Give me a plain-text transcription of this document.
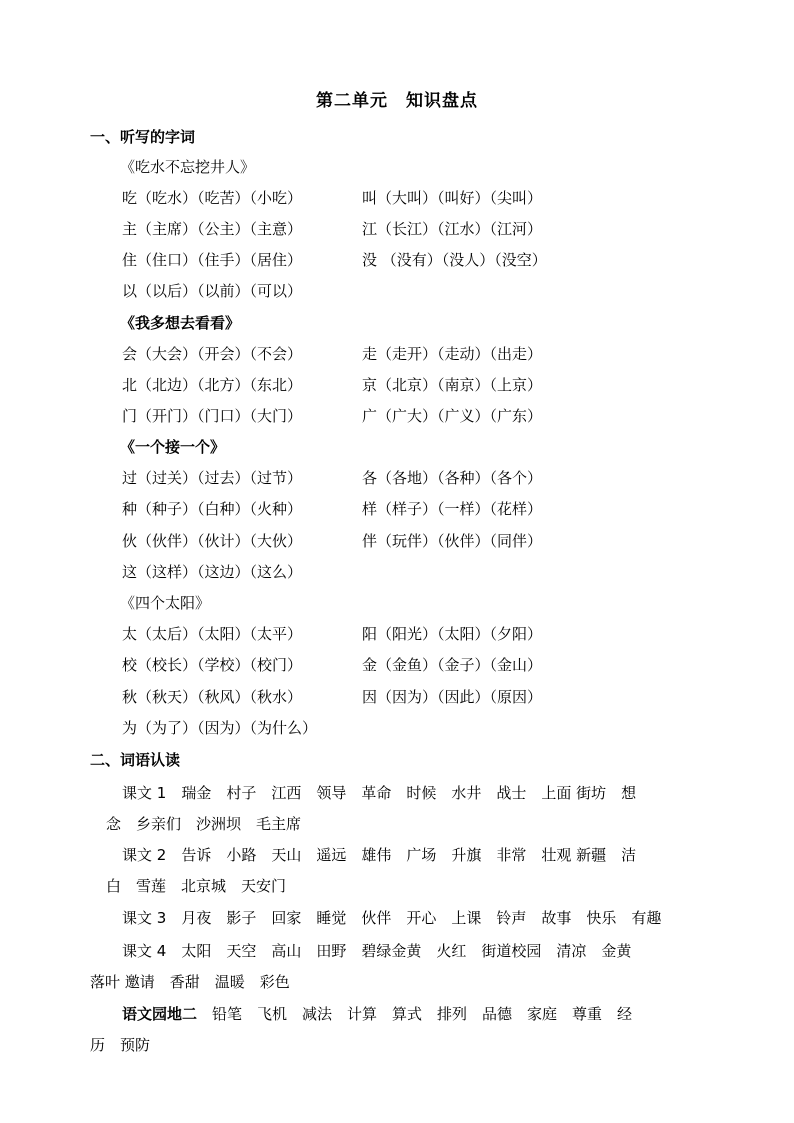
第二单元　知识盘点
一、听写的字词
《吃水不忘挖井人》
吃（吃水）（吃苦）（小吃）	叫（大叫）（叫好）（尖叫）
主（主席）（公主）（主意）	江（长江）（江水）（江河）
住（住口）（住手）（居住）	没 （没有）（没人）（没空）
以（以后）（以前）（可以）
《我多想去看看》
会（大会）（开会）（不会）	走（走开）（走动）（出走）
北（北边）（北方）（东北）	京（北京）（南京）（上京）
门（开门）（门口）（大门）	广（广大）（广义）（广东）
《一个接一个》
过（过关）（过去）（过节）	各（各地）（各种）（各个）
种（种子）（白种）（火种）	样（样子）（一样）（花样）
伙（伙伴）（伙计）（大伙）	伴（玩伴）（伙伴）（同伴）
这（这样）（这边）（这么）
《四个太阳》
太（太后）（太阳）（太平）	阳（阳光）（太阳）（夕阳）
校（校长）（学校）（校门）	金（金鱼）（金子）（金山）
秋（秋天）（秋风）（秋水）	因（因为）（因此）（原因）
为（为了）（因为）（为什么）
二、词语认读
课文 1　 瑞金　村子　江西　领导　革命　时候　水井　战士　上面 街坊　想
念　乡亲们　沙洲坝　毛主席
课文 2　 告诉　小路　天山　遥远　雄伟　广场　升旗　非常　壮观 新疆　洁
白　雪莲　北京城　天安门
课文 3　 月夜　影子　回家　睡觉　伙伴　开心　上课　铃声　故事　快乐　有趣
课文 4　 太阳　天空　高山　田野　碧绿金黄　火红　街道校园　清凉　金黄
落叶 邀请　香甜　温暖　彩色
语文园地二　 铅笔　飞机　减法　计算　算式　排列　品德　家庭　尊重　经
历　预防
